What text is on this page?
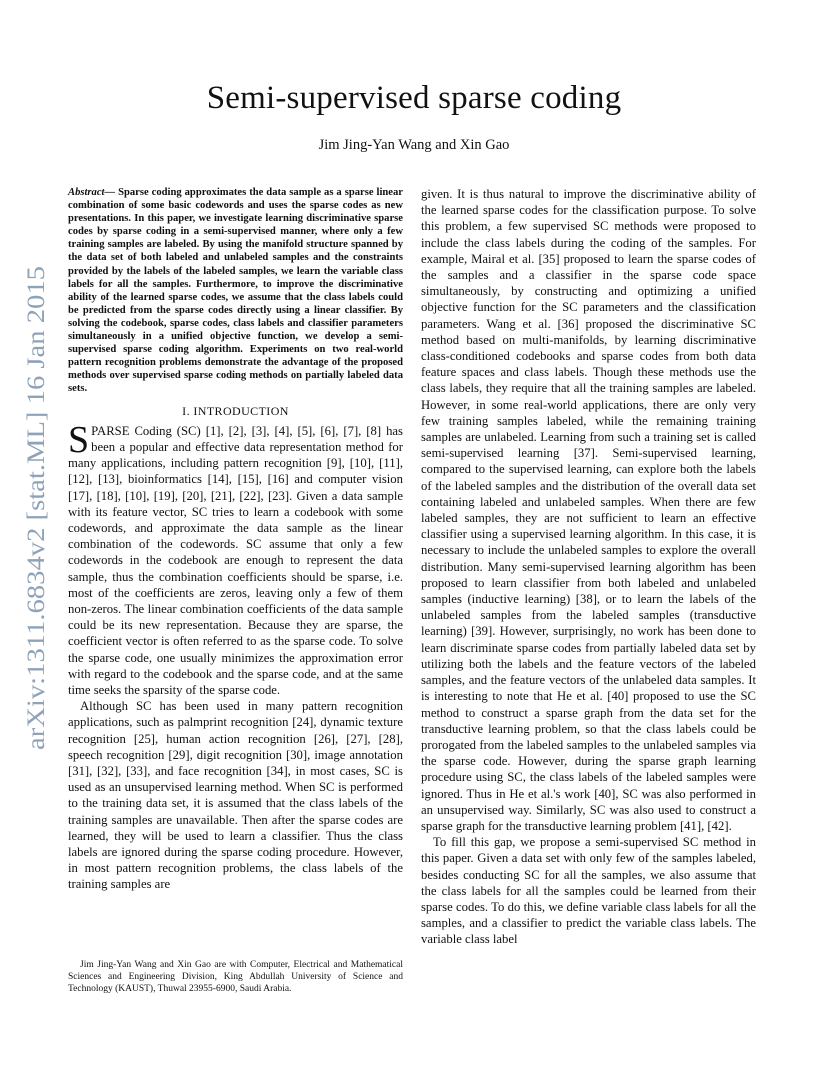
arXiv:1311.6834v2 [stat.ML] 16 Jan 2015
Semi-supervised sparse coding
Jim Jing-Yan Wang and Xin Gao

Abstract— Sparse coding approximates the data sample as a sparse linear combination of some basic codewords and uses the sparse codes as new presentations. In this paper, we investigate learning discriminative sparse codes by sparse coding in a semi-supervised manner, where only a few training samples are labeled. By using the manifold structure spanned by the data set of both labeled and unlabeled samples and the constraints provided by the labels of the labeled samples, we learn the variable class labels for all the samples. Furthermore, to improve the discriminative ability of the learned sparse codes, we assume that the class labels could be predicted from the sparse codes directly using a linear classifier. By solving the codebook, sparse codes, class labels and classifier parameters simultaneously in a unified objective function, we develop a semi-supervised sparse coding algorithm. Experiments on two real-world pattern recognition problems demonstrate the advantage of the proposed methods over supervised sparse coding methods on partially labeled data sets.

I. INTRODUCTION

SPARSE Coding (SC) [1], [2], [3], [4], [5], [6], [7], [8] has been a popular and effective data representation method for many applications, including pattern recognition [9], [10], [11], [12], [13], bioinformatics [14], [15], [16] and computer vision [17], [18], [10], [19], [20], [21], [22], [23]. Given a data sample with its feature vector, SC tries to learn a codebook with some codewords, and approximate the data sample as the linear combination of the codewords. SC assume that only a few codewords in the codebook are enough to represent the data sample, thus the combination coefficients should be sparse, i.e. most of the coefficients are zeros, leaving only a few of them non-zeros. The linear combination coefficients of the data sample could be its new representation. Because they are sparse, the coefficient vector is often referred to as the sparse code. To solve the sparse code, one usually minimizes the approximation error with regard to the codebook and the sparse code, and at the same time seeks the sparsity of the sparse code.

Although SC has been used in many pattern recognition applications, such as palmprint recognition [24], dynamic texture recognition [25], human action recognition [26], [27], [28], speech recognition [29], digit recognition [30], image annotation [31], [32], [33], and face recognition [34], in most cases, SC is used as an unsupervised learning method. When SC is performed to the training data set, it is assumed that the class labels of the training samples are unavailable. Then after the sparse codes are learned, they will be used to learn a classifier. Thus the class labels are ignored during the sparse coding procedure. However, in most pattern recognition problems, the class labels of the training samples are

Jim Jing-Yan Wang and Xin Gao are with Computer, Electrical and Mathematical Sciences and Engineering Division, King Abdullah University of Science and Technology (KAUST), Thuwal 23955-6900, Saudi Arabia.

given. It is thus natural to improve the discriminative ability of the learned sparse codes for the classification purpose. To solve this problem, a few supervised SC methods were proposed to include the class labels during the coding of the samples. For example, Mairal et al. [35] proposed to learn the sparse codes of the samples and a classifier in the sparse code space simultaneously, by constructing and optimizing a unified objective function for the SC parameters and the classification parameters. Wang et al. [36] proposed the discriminative SC method based on multi-manifolds, by learning discriminative class-conditioned codebooks and sparse codes from both data feature spaces and class labels. Though these methods use the class labels, they require that all the training samples are labeled. However, in some real-world applications, there are only very few training samples labeled, while the remaining training samples are unlabeled. Learning from such a training set is called semi-supervised learning [37]. Semi-supervised learning, compared to the supervised learning, can explore both the labels of the labeled samples and the distribution of the overall data set containing labeled and unlabeled samples. When there are few labeled samples, they are not sufficient to learn an effective classifier using a supervised learning algorithm. In this case, it is necessary to include the unlabeled samples to explore the overall distribution. Many semi-supervised learning algorithm has been proposed to learn classifier from both labeled and unlabeled samples (inductive learning) [38], or to learn the labels of the unlabeled samples from the labeled samples (transductive learning) [39]. However, surprisingly, no work has been done to learn discriminate sparse codes from partially labeled data set by utilizing both the labels and the feature vectors of the labeled samples, and the feature vectors of the unlabeled data samples. It is interesting to note that He et al. [40] proposed to use the SC method to construct a sparse graph from the data set for the transductive learning problem, so that the class labels could be prorogated from the labeled samples to the unlabeled samples via the sparse code. However, during the sparse graph learning procedure using SC, the class labels of the labeled samples were ignored. Thus in He et al.'s work [40], SC was also performed in an unsupervised way. Similarly, SC was also used to construct a sparse graph for the transductive learning problem [41], [42].

To fill this gap, we propose a semi-supervised SC method in this paper. Given a data set with only few of the samples labeled, besides conducting SC for all the samples, we also assume that the class labels for all the samples could be learned from their sparse codes. To do this, we define variable class labels for all the samples, and a classifier to predict the variable class labels. The variable class label
